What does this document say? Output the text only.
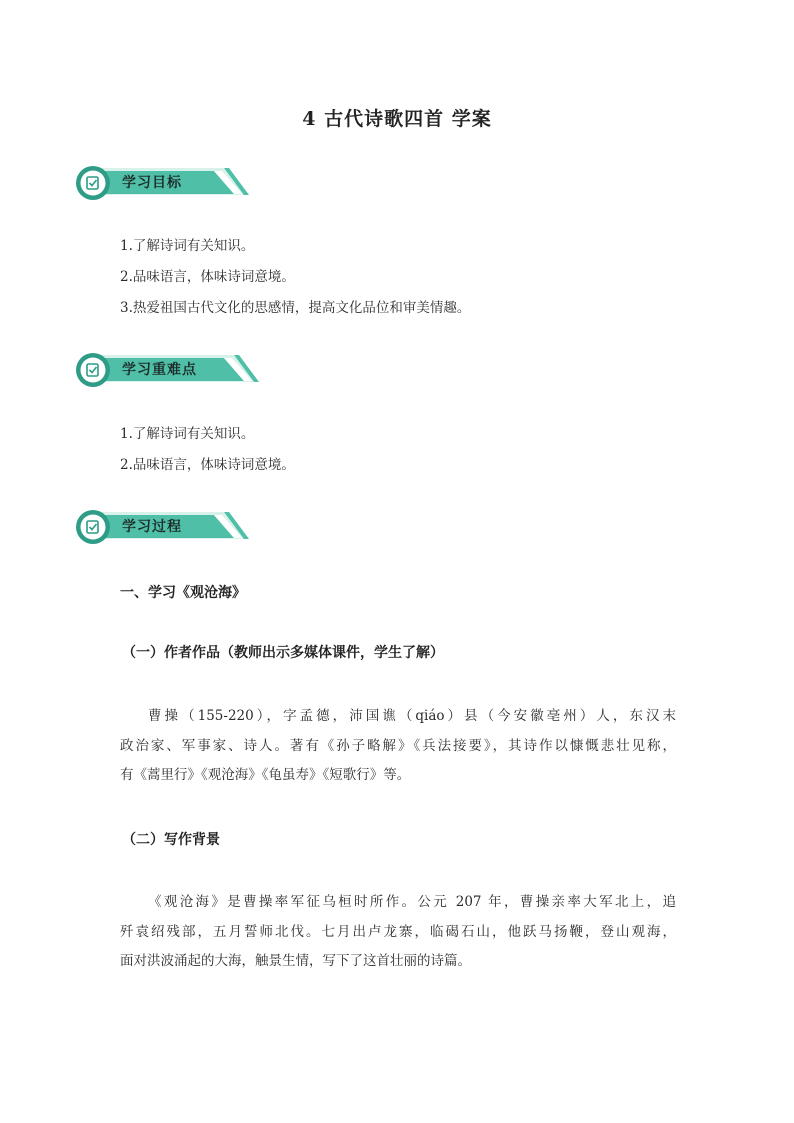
4 古代诗歌四首 学案
学习目标
1.了解诗词有关知识。
2.品味语言，体味诗词意境。
3.热爱祖国古代文化的思感情，提高文化品位和审美情趣。
学习重难点
1.了解诗词有关知识。
2.品味语言，体味诗词意境。
学习过程
一、学习《观沧海》
（一）作者作品（教师出示多媒体课件，学生了解）
曹操（155-220），字孟德，沛国谯（qiáo）县（今安徽亳州）人，东汉末
政治家、军事家、诗人。著有《孙子略解》《兵法接要》，其诗作以慷慨悲壮见称，
有《蒿里行》《观沧海》《龟虽寿》《短歌行》等。
（二）写作背景
《观沧海》是曹操率军征乌桓时所作。公元 207 年，曹操亲率大军北上，追
歼袁绍残部，五月誓师北伐。七月出卢龙寨，临碣石山，他跃马扬鞭，登山观海，
面对洪波涌起的大海，触景生情，写下了这首壮丽的诗篇。
